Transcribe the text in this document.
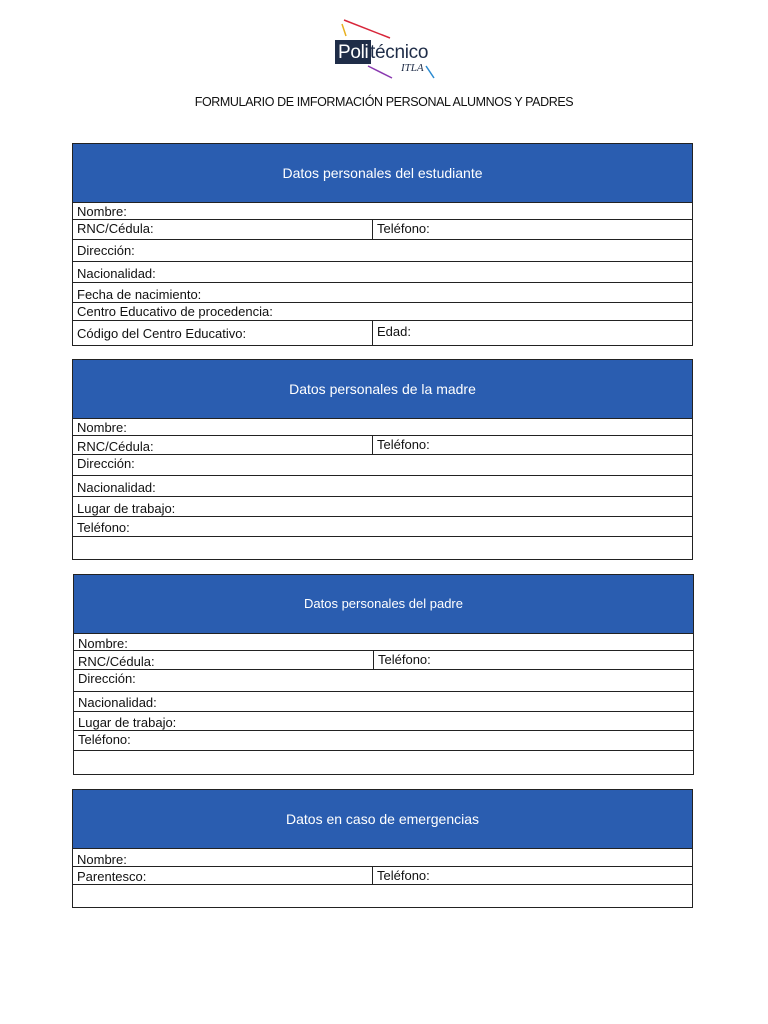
Poli técnico
ITLA
FORMULARIO DE IMFORMACIÓN PERSONAL ALUMNOS Y PADRES
Datos personales del estudiante
Nombre:
RNC/Cédula:	Teléfono:
Dirección:
Nacionalidad:
Fecha de nacimiento:
Centro Educativo de procedencia:
Código del Centro Educativo:	Edad:
Datos personales de la madre
Nombre:
RNC/Cédula:	Teléfono:
Dirección:
Nacionalidad:
Lugar de trabajo:
Teléfono:
Datos personales del padre
Nombre:
RNC/Cédula:	Teléfono:
Dirección:
Nacionalidad:
Lugar de trabajo:
Teléfono:
Datos en caso de emergencias
Nombre:
Parentesco:	Teléfono:
